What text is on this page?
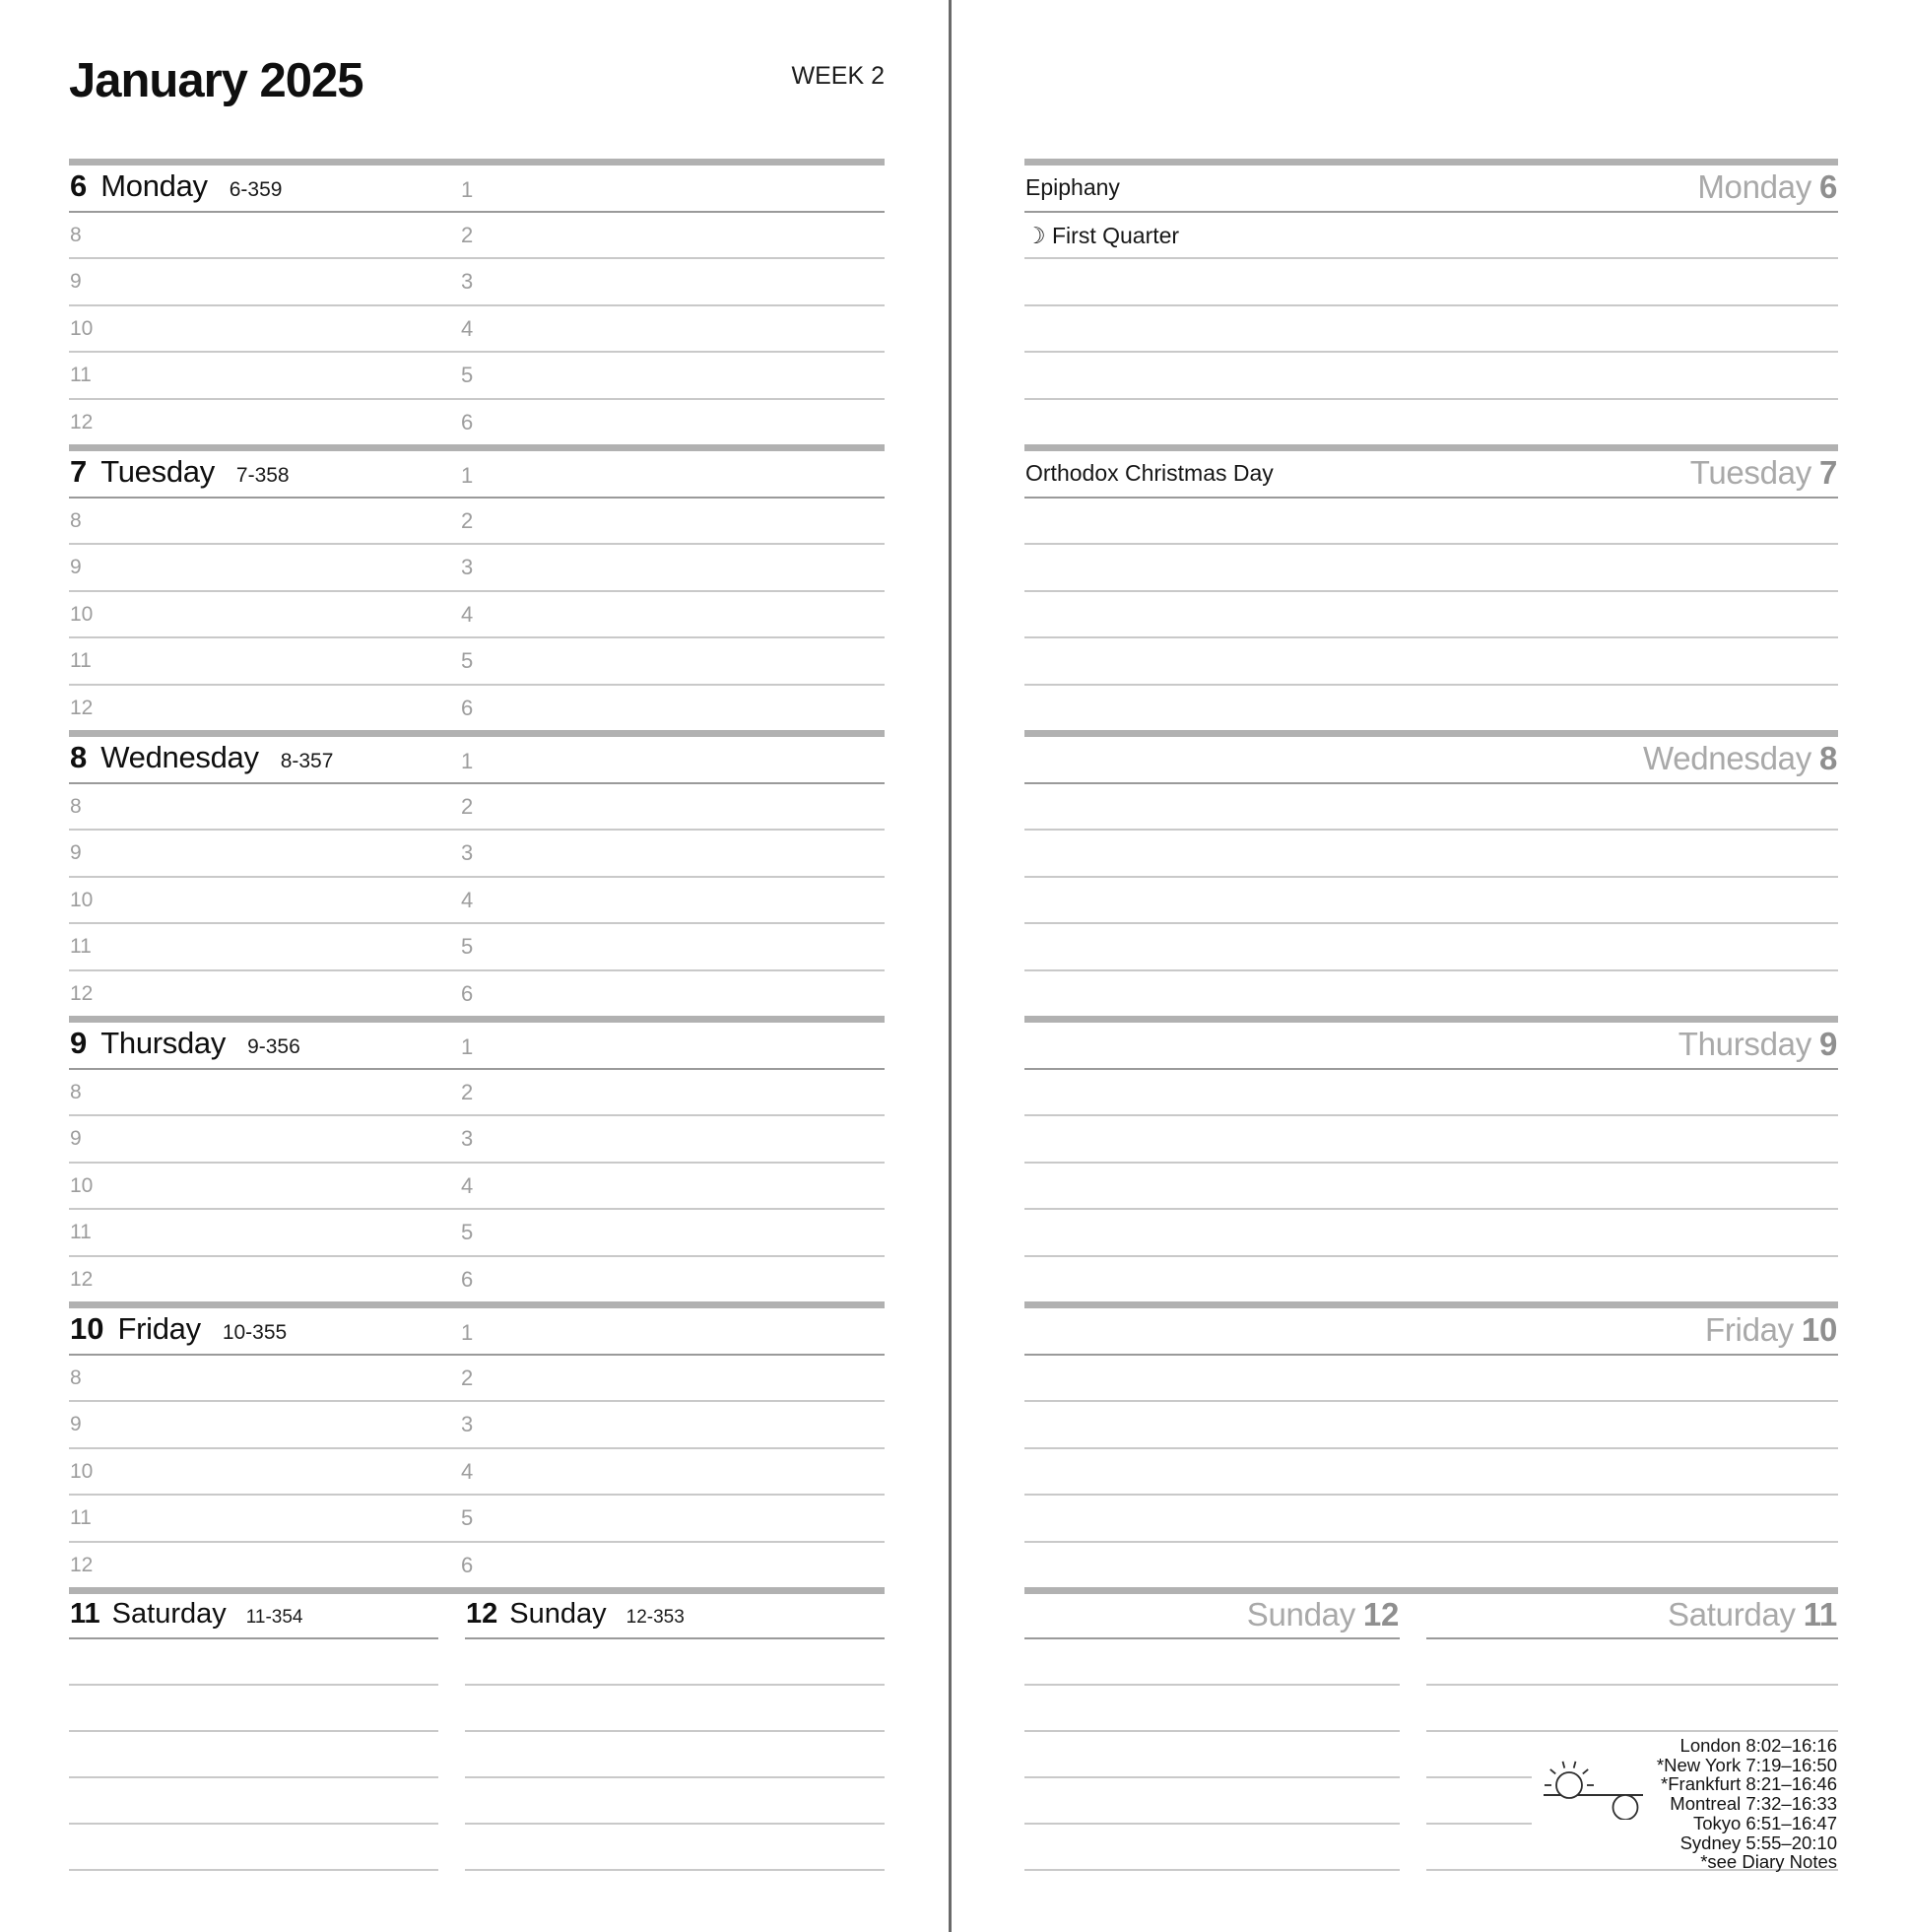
January 2025	WEEK 2
11 Saturday 11-354	12 Sunday 12-353
6 Monday 6-359	1
8	2
9	3
10	4
11	5
12	6
7 Tuesday 7-358	1
8	2
9	3
10	4
11	5
12	6
8 Wednesday 8-357	1
8	2
9	3
10	4
11	5
12	6
9 Thursday 9-356	1
8	2
9	3
10	4
11	5
12	6
10 Friday 10-355	1
8	2
9	3
10	4
11	5
12	6
Sunday 12	Saturday 11
London 8:02–16:16
*New York 7:19–16:50
*Frankfurt 8:21–16:46
Montreal 7:32–16:33
Tokyo 6:51–16:47
Sydney 5:55–20:10
*see Diary Notes
Epiphany	Monday 6
☽ First Quarter
Orthodox Christmas Day	Tuesday 7
Wednesday 8
Thursday 9
Friday 10
